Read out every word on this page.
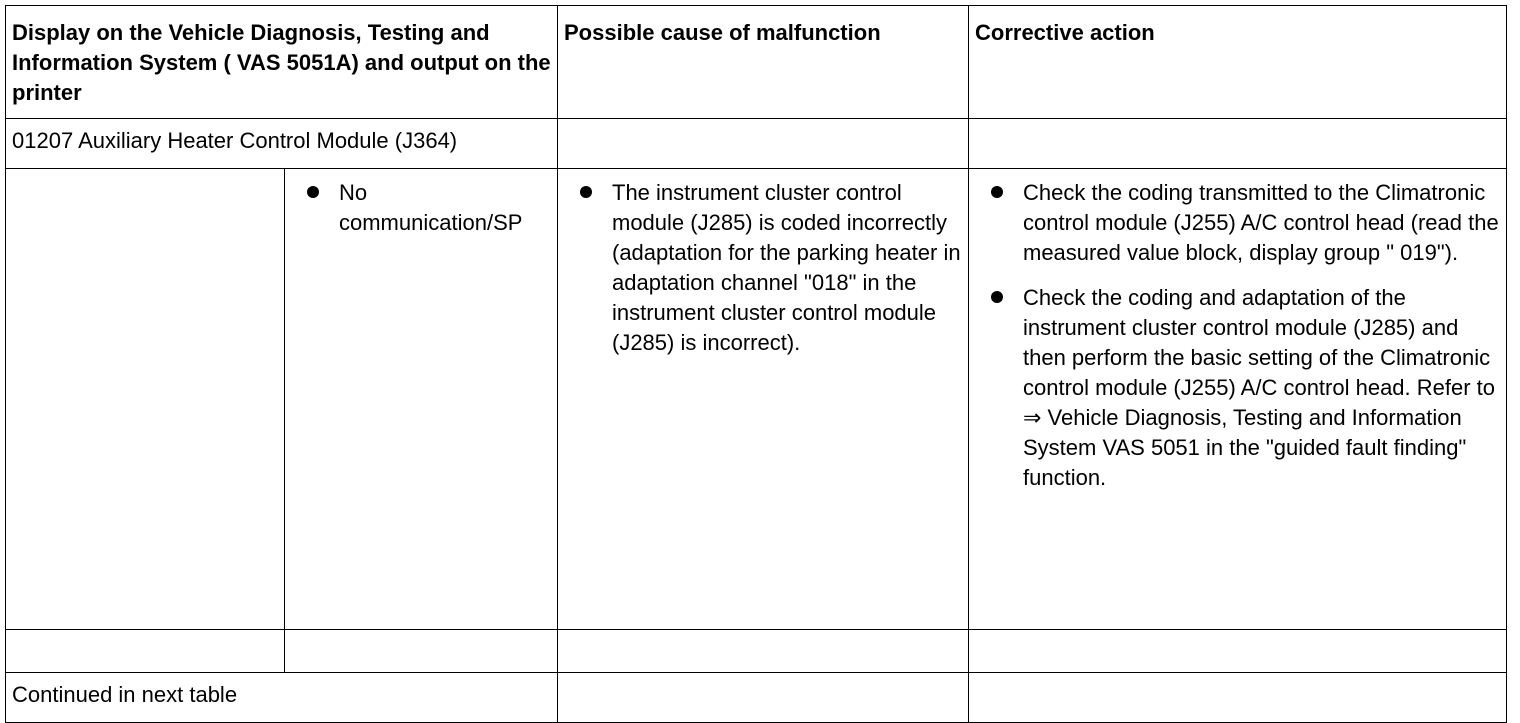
Display on the Vehicle Diagnosis, Testing and Information System ( VAS 5051A) and output on the printer		Possible cause of malfunction	Corrective action
01207 Auxiliary Heater Control Module (J364)			

	No communication/SP	The instrument cluster control module (J285) is coded incorrectly (adaptation for the parking heater in adaptation channel "018" in the instrument cluster control module (J285) is incorrect).	Check the coding transmitted to the Climatronic control module (J255) A/C control head (read the measured value block, display group " 019").
Check the coding and adaptation of the instrument cluster control module (J285) and then perform the basic setting of the Climatronic control module (J255) A/C control head. Refer to ⇒ Vehicle Diagnosis, Testing and Information System VAS 5051 in the "guided fault finding" function.

Continued in next table			
